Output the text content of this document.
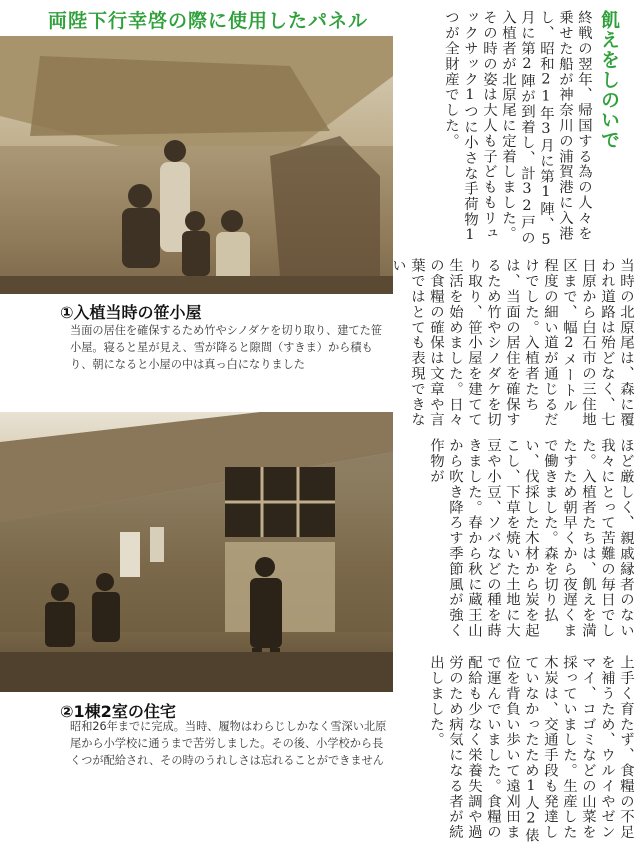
両陛下行幸啓の際に使用したパネル
①入植当時の笹小屋
当面の居住を確保するため竹やシノダケを切り取り、建てた笹小屋。寝ると星が見え、雪が降ると隙間（すきま）から積もり、朝になると小屋の中は真っ白になりました
②1棟2室の住宅
昭和26年までに完成。当時、履物はわらじしかなく雪深い北原尾から小学校に通うまで苦労しました。その後、小学校から長くつが配給され、その時のうれしさは忘れることができません
飢えをしのいで
終戦の翌年、帰国する為の人々を乗せた船が神奈川の浦賀港に入港し、昭和21年3月に第1陣、5月に第2陣が到着し、計32戸の入植者が北原尾に定着しました。その時の姿は大人も子どももリュックサック1つに小さな手荷物1つが全財産でした。
当時の北原尾は、森に覆われ道路は殆どなく、七日原から白石市の三住地区まで、幅2メートル程度の細い道が通じるだけでした。入植者たちは、当面の居住を確保するため竹やシノダケを切り取り、笹小屋を建てて生活を始めました。日々の食糧の確保は文章や言葉ではとても表現できない
ほど厳しく、親戚縁者のない我々にとって苦難の毎日でした。入植者たちは、飢えを満たすため朝早くから夜遅くまで働きました。森を切り払い、伐採した木材から炭を起こし、下草を焼いた土地に大豆や小豆、ソバなどの種を蒔きました。春から秋に蔵王山から吹き降ろす季節風が強く作物が
上手く育たず、食糧の不足を補うため、ウルイやゼンマイ、コゴミなどの山菜を採っていました。生産した木炭は、交通手段も発達していなかったため1人2俵位を背負い歩いて遠刈田まで運んでいました。食糧の配給も少なく栄養失調や過労のため病気になる者が続出しました。
